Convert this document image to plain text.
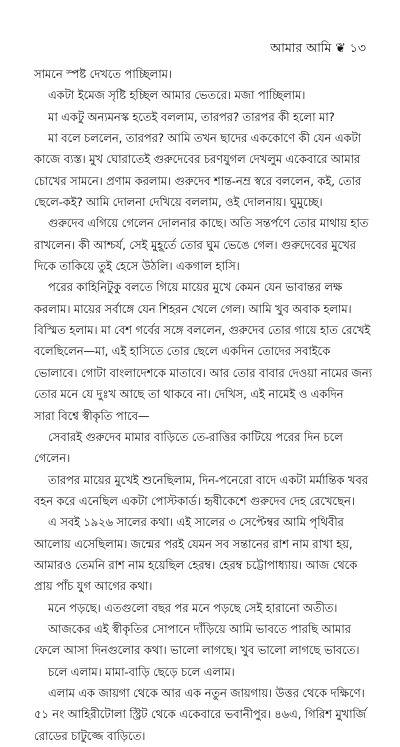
আমার আমি ❦ ১৩
সামনে স্পষ্ট দেখতে পাচ্ছিলাম।
একটা ইমেজ সৃষ্টি হচ্ছিল আমার ভেতরে। মজা পাচ্ছিলাম।
মা একটু অন্যমনস্ক হতেই বললাম, তারপর? তারপর কী হলো মা?
মা বলে চললেন, তারপর? আমি তখন ছাদের এককোণে কী যেন একটা
কাজে ব্যস্ত। মুখ ঘোরাতেই গুরুদেবের চরণযুগল দেখলুম একেবারে আমার
চোখের সামনে। প্রণাম করলাম। গুরুদেব শান্ত-নম্র স্বরে বললেন, কই, তোর
ছেলে-কই? আমি দোলনা দেখিয়ে বললাম, ওই দোলনায়। ঘুমুচ্ছে।
গুরুদেব এগিয়ে গেলেন দোলনার কাছে। অতি সন্তর্পণে তোর মাথায় হাত
রাখলেন। কী আশ্চর্য, সেই মুহূর্তে তোর ঘুম ভেঙে গেল। গুরুদেবের মুখের
দিকে তাকিয়ে তুই হেসে উঠলি। একগাল হাসি।
পরের কাহিনিটুকু বলতে গিয়ে মায়ের মুখে কেমন যেন ভাবান্তর লক্ষ
করলাম। মায়ের সর্বাঙ্গে যেন শিহরন খেলে গেল। আমি খুব অবাক হলাম।
বিস্মিত হলাম। মা বেশ গর্বের সঙ্গে বললেন, গুরুদেব তোর গায়ে হাত রেখেই
বলেছিলেন—মা, এই হাসিতে তোর ছেলে একদিন তোদের সবাইকে
ভোলাবে। গোটা বাংলাদেশকে মাতাবে। আর তোর বাবার দেওয়া নামের জন্য
তোর মনে যে দুঃখ আছে তা থাকবে না। দেখিস, এই নামেই ও একদিন
সারা বিশ্বে স্বীকৃতি পাবে—
সেবারই গুরুদেব মামার বাড়িতে তে-রাত্তির কাটিয়ে পরের দিন চলে
গেলেন।
তারপর মায়ের মুখেই শুনেছিলাম, দিন-পনেরো বাদে একটা মর্মান্তিক খবর
বহন করে এনেছিল একটা পোস্টকার্ড। হৃষীকেশে গুরুদেব দেহ রেখেছেন।
এ সবই ১৯২৬ সালের কথা। এই সালের ৩ সেপ্টেম্বর আমি পৃথিবীর
আলোয় এসেছিলাম। জন্মের পরই যেমন সব সন্তানের রাশ নাম রাখা হয়,
আমারও তেমনি রাশ নাম হয়েছিল হেরম্ব। হেরম্ব চট্টোপাধ্যায়। আজ থেকে
প্রায় পাঁচ যুগ আগের কথা।
মনে পড়ছে। এতগুলো বছর পর মনে পড়ছে সেই হারানো অতীত।
আজকের এই স্বীকৃতির সোপানে দাঁড়িয়ে আমি ভাবতে পারছি আমার
ফেলে আসা দিনগুলোর কথা। ভালো লাগছে। খুব ভালো লাগছে ভাবতে।
চলে এলাম। মামা-বাড়ি ছেড়ে চলে এলাম।
এলাম এক জায়গা থেকে আর এক নতুন জায়গায়। উত্তর থেকে দক্ষিণে।
৫১ নং আহিরীটোলা স্ট্রিট থেকে একেবারে ভবানীপুর। ৪৬এ, গিরিশ মুখার্জি
রোডের চাটুজ্জে বাড়িতে।
